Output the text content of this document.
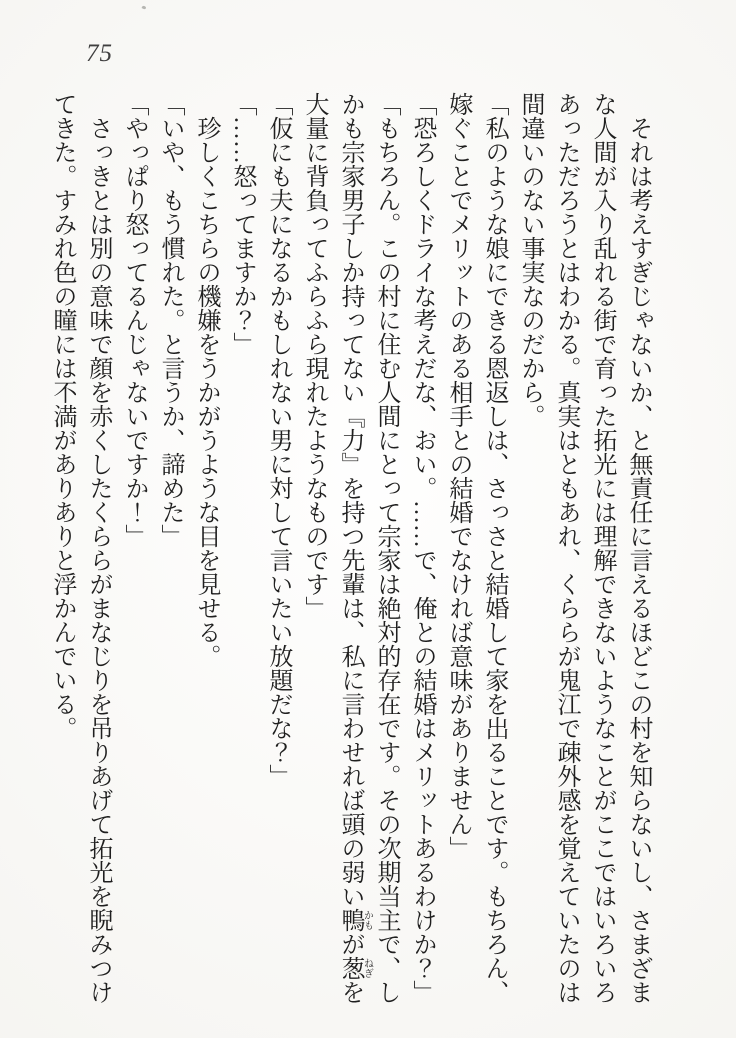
75

　それは考えすぎじゃないか、と無責任に言えるほどこの村を知らないし、さまざま
な人間が入り乱れる街で育った拓光には理解できないようなことがここではいろいろ
あっただろうとはわかる。真実はともあれ、くららが鬼江で疎外感を覚えていたのは
間違いのない事実なのだから。

「私のような娘にできる恩返しは、さっさと結婚して家を出ることです。もちろん、
嫁ぐことでメリットのある相手との結婚でなければ意味がありません」

「恐ろしくドライな考えだな、おい。……で、俺との結婚はメリットあるわけか？」

「もちろん。この村に住む人間にとって宗家は絶対的存在です。その次期当主で、し
かも宗家男子しか持ってない『力』を持つ先輩は、私に言わせれば頭の弱い鴨かもが葱ねぎを
大量に背負ってふらふら現れたようなものです」

「仮にも夫になるかもしれない男に対して言いたい放題だな？」

「……怒ってますか？」

　珍しくこちらの機嫌をうかがうような目を見せる。

「いや、もう慣れた。と言うか、諦めた」

「やっぱり怒ってるんじゃないですか！」

　さっきとは別の意味で顔を赤くしたくららがまなじりを吊りあげて拓光を睨みつけ
てきた。すみれ色の瞳には不満がありありと浮かんでいる。
